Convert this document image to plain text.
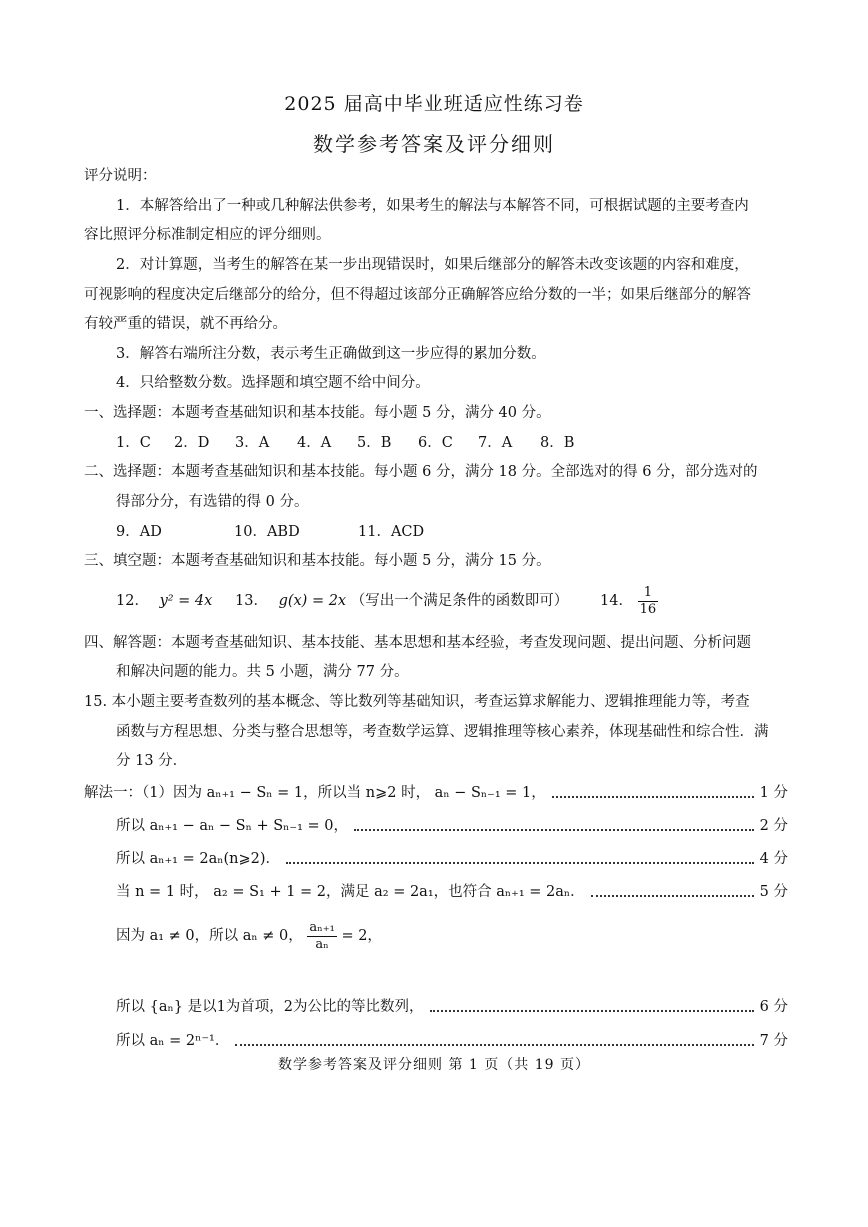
2025 届高中毕业班适应性练习卷
数学参考答案及评分细则
评分说明：
1．本解答给出了一种或几种解法供参考，如果考生的解法与本解答不同，可根据试题的主要考查内
容比照评分标准制定相应的评分细则。
2．对计算题，当考生的解答在某一步出现错误时，如果后继部分的解答未改变该题的内容和难度，
可视影响的程度决定后继部分的给分，但不得超过该部分正确解答应给分数的一半；如果后继部分的解答
有较严重的错误，就不再给分。
3．解答右端所注分数，表示考生正确做到这一步应得的累加分数。
4．只给整数分数。选择题和填空题不给中间分。
一、选择题：本题考查基础知识和基本技能。每小题 5 分，满分 40 分。
1．C 2．D 3．A 4．A 5．B 6．C 7．A 8．B
二、选择题：本题考查基础知识和基本技能。每小题 6 分，满分 18 分。全部选对的得 6 分，部分选对的
得部分分，有选错的得 0 分。
9．AD	10．ABD	11．ACD
三、填空题：本题考查基础知识和基本技能。每小题 5 分，满分 15 分。
12． y² = 4x 13． g(x) = 2x （写出一个满足条件的函数即可） 14． $\frac{1}{16}$
四、解答题：本题考查基础知识、基本技能、基本思想和基本经验，考查发现问题、提出问题、分析问题
和解决问题的能力。共 5 小题，满分 77 分。
15. 本小题主要考查数列的基本概念、等比数列等基础知识，考查运算求解能力、逻辑推理能力等，考查
函数与方程思想、分类与整合思想等，考查数学运算、逻辑推理等核心素养，体现基础性和综合性．满
分 13 分．
解法一：（1）因为 aₙ₊₁ − Sₙ = 1，所以当 n⩾2 时， aₙ − Sₙ₋₁ = 1，	1 分
所以 aₙ₊₁ − aₙ − Sₙ + Sₙ₋₁ = 0，	2 分
所以 aₙ₊₁ = 2aₙ(n⩾2)．	4 分
当 n = 1 时， a₂ = S₁ + 1 = 2，满足 a₂ = 2a₁，也符合 aₙ₊₁ = 2aₙ．	5 分
因为 a₁ ≠ 0，所以 aₙ ≠ 0， $\frac{\text{aₙ₊₁}}{\text{aₙ}} = 2$，
所以 {aₙ} 是以1为首项，2为公比的等比数列，	6 分
所以 aₙ = 2ⁿ⁻¹．	7 分
数学参考答案及评分细则 第 1 页（共 19 页）
